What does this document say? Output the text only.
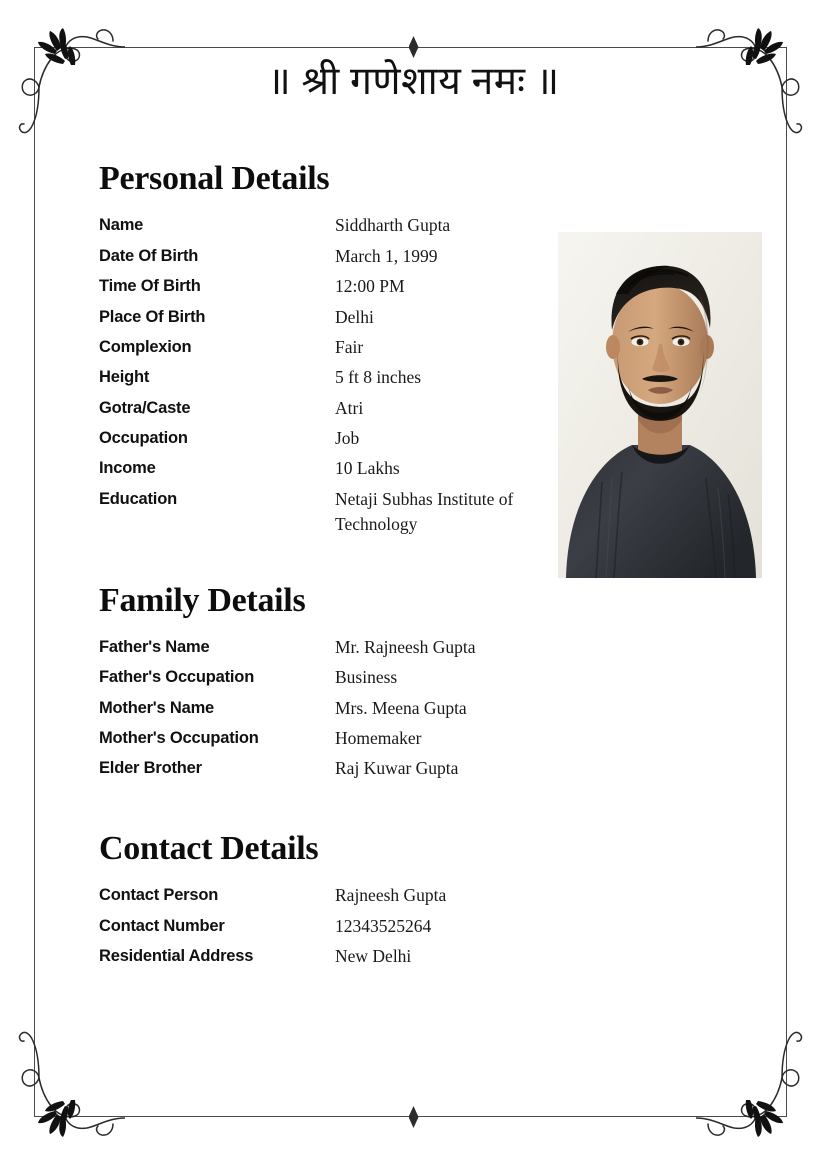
॥ श्री गणेशाय नमः ॥
Personal Details
Name	Siddharth Gupta
Date Of Birth	March 1, 1999
Time Of Birth	12:00 PM
Place Of Birth	Delhi
Complexion	Fair
Height	5 ft 8 inches
Gotra/Caste	Atri
Occupation	Job
Income	10 Lakhs
Education	Netaji Subhas Institute of Technology
Family Details
Father's Name	Mr. Rajneesh Gupta
Father's Occupation	Business
Mother's Name	Mrs. Meena Gupta
Mother's Occupation	Homemaker
Elder Brother	Raj Kuwar Gupta
Contact Details
Contact Person	Rajneesh Gupta
Contact Number	12343525264
Residential Address	New Delhi
